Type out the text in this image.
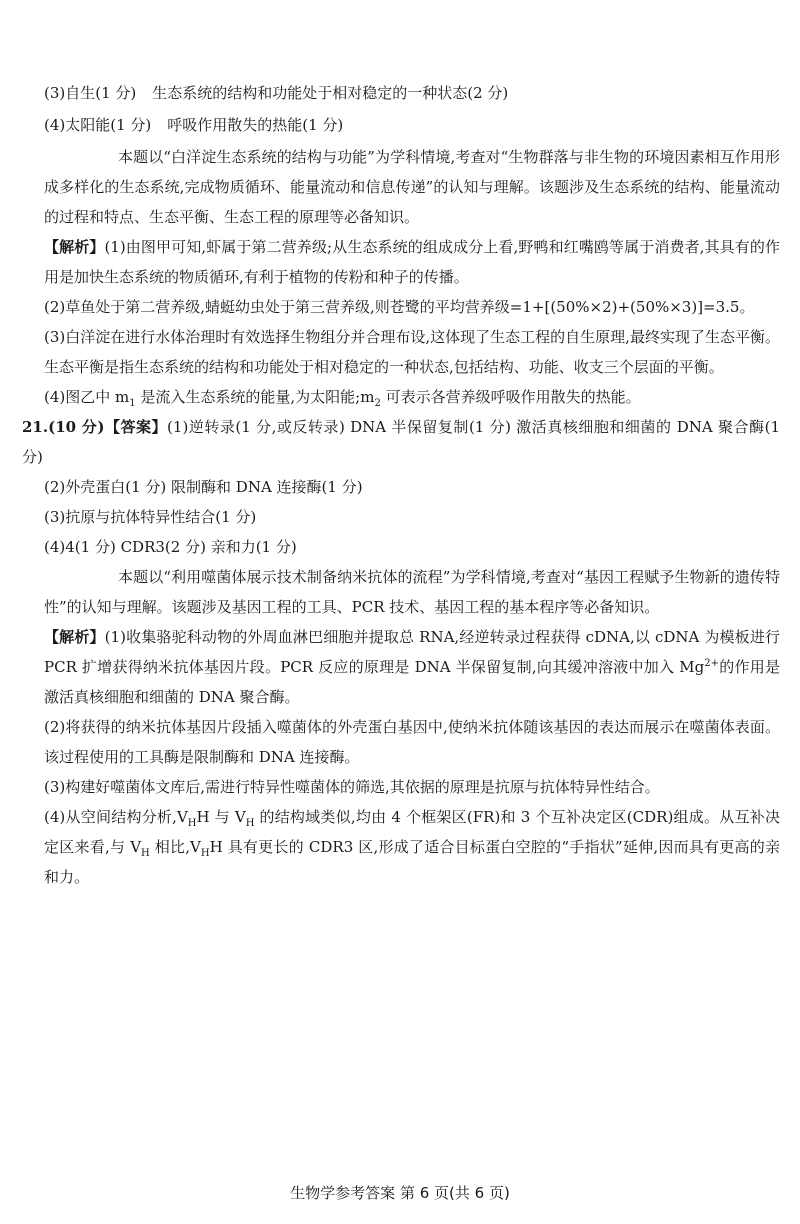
(3)自生(1 分) 生态系统的结构和功能处于相对稳定的一种状态(2 分)

(4)太阳能(1 分) 呼吸作用散失的热能(1 分)

本题以“白洋淀生态系统的结构与功能”为学科情境,考查对“生物群落与非生物的环境因素相互作用形成多样化的生态系统,完成物质循环、能量流动和信息传递”的认知与理解。该题涉及生态系统的结构、能量流动的过程和特点、生态平衡、生态工程的原理等必备知识。

【解析】(1)由图甲可知,虾属于第二营养级;从生态系统的组成成分上看,野鸭和红嘴鸥等属于消费者,其具有的作用是加快生态系统的物质循环,有利于植物的传粉和种子的传播。

(2)草鱼处于第二营养级,蜻蜓幼虫处于第三营养级,则苍鹭的平均营养级=1+[(50%×2)+(50%×3)]=3.5。

(3)白洋淀在进行水体治理时有效选择生物组分并合理布设,这体现了生态工程的自生原理,最终实现了生态平衡。生态平衡是指生态系统的结构和功能处于相对稳定的一种状态,包括结构、功能、收支三个层面的平衡。

(4)图乙中 $m_1$ 是流入生态系统的能量,为太阳能$;m_2$ 可表示各营养级呼吸作用散失的热能。

21.(10 分)【答案】(1)逆转录(1 分,或反转录) DNA 半保留复制(1 分) 激活真核细胞和细菌的 DNA 聚合酶(1 分)

(2)外壳蛋白(1 分) 限制酶和 DNA 连接酶(1 分)

(3)抗原与抗体特异性结合(1 分)

(4)4(1 分) CDR3(2 分) 亲和力(1 分)

本题以“利用噬菌体展示技术制备纳米抗体的流程”为学科情境,考查对“基因工程赋予生物新的遗传特性”的认知与理解。该题涉及基因工程的工具、PCR 技术、基因工程的基本程序等必备知识。

【解析】(1)收集骆驼科动物的外周血淋巴细胞并提取总 RNA,经逆转录过程获得 cDNA,以 cDNA 为模板进行 PCR 扩增获得纳米抗体基因片段。PCR 反应的原理是 DNA 半保留复制,向其缓冲溶液中加入 $Mg^{2+}$的作用是激活真核细胞和细菌的 DNA 聚合酶。

(2)将获得的纳米抗体基因片段插入噬菌体的外壳蛋白基因中,使纳米抗体随该基因的表达而展示在噬菌体表面。该过程使用的工具酶是限制酶和 DNA 连接酶。

(3)构建好噬菌体文库后,需进行特异性噬菌体的筛选,其依据的原理是抗原与抗体特异性结合。

(4)从空间结构分析$,V_HH$ 与 $V_H$ 的结构域类似,均由 4 个框架区(FR)和 3 个互补决定区(CDR)组成。从互补决定区来看,与 $V_H$ 相比$,V_HH$ 具有更长的 CDR3 区,形成了适合目标蛋白空腔的“手指状”延伸,因而具有更高的亲和力。

生物学参考答案 第 6 页(共 6 页)
